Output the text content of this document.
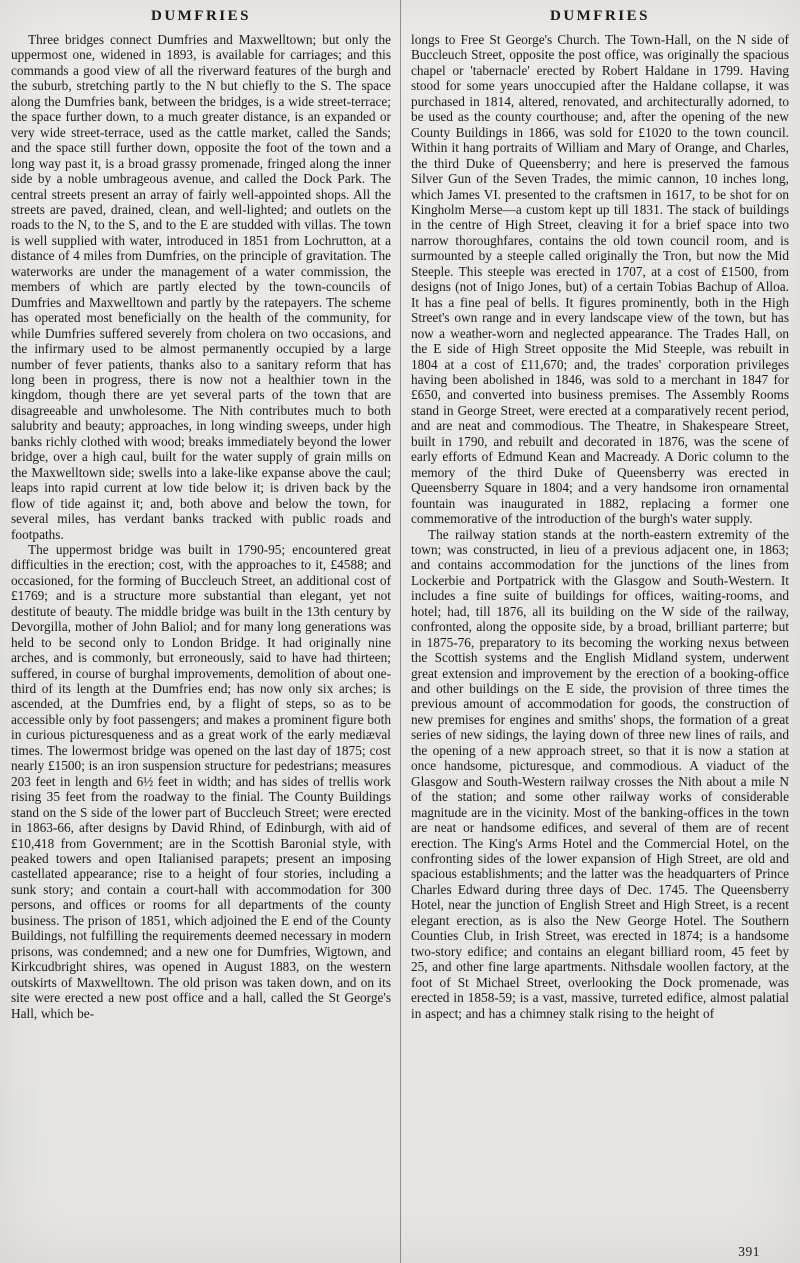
DUMFRIES

Three bridges connect Dumfries and Maxwelltown; but only the uppermost one, widened in 1893, is available for carriages; and this commands a good view of all the riverward features of the burgh and the suburb, stretching partly to the N but chiefly to the S. The space along the Dumfries bank, between the bridges, is a wide street-terrace; the space further down, to a much greater distance, is an expanded or very wide street-terrace, used as the cattle market, called the Sands; and the space still further down, opposite the foot of the town and a long way past it, is a broad grassy promenade, fringed along the inner side by a noble umbrageous avenue, and called the Dock Park. The central streets present an array of fairly well-appointed shops. All the streets are paved, drained, clean, and well-lighted; and outlets on the roads to the N, to the S, and to the E are studded with villas. The town is well supplied with water, introduced in 1851 from Lochrutton, at a distance of 4 miles from Dumfries, on the principle of gravitation. The waterworks are under the management of a water commission, the members of which are partly elected by the town-councils of Dumfries and Maxwelltown and partly by the ratepayers. The scheme has operated most beneficially on the health of the community, for while Dumfries suffered severely from cholera on two occasions, and the infirmary used to be almost permanently occupied by a large number of fever patients, thanks also to a sanitary reform that has long been in progress, there is now not a healthier town in the kingdom, though there are yet several parts of the town that are disagreeable and unwholesome. The Nith contributes much to both salubrity and beauty; approaches, in long winding sweeps, under high banks richly clothed with wood; breaks immediately beyond the lower bridge, over a high caul, built for the water supply of grain mills on the Maxwelltown side; swells into a lake-like expanse above the caul; leaps into rapid current at low tide below it; is driven back by the flow of tide against it; and, both above and below the town, for several miles, has verdant banks tracked with public roads and footpaths.

The uppermost bridge was built in 1790-95; encountered great difficulties in the erection; cost, with the approaches to it, £4588; and occasioned, for the forming of Buccleuch Street, an additional cost of £1769; and is a structure more substantial than elegant, yet not destitute of beauty. The middle bridge was built in the 13th century by Devorgilla, mother of John Baliol; and for many long generations was held to be second only to London Bridge. It had originally nine arches, and is commonly, but erroneously, said to have had thirteen; suffered, in course of burghal improvements, demolition of about one-third of its length at the Dumfries end; has now only six arches; is ascended, at the Dumfries end, by a flight of steps, so as to be accessible only by foot passengers; and makes a prominent figure both in curious picturesqueness and as a great work of the early mediæval times. The lowermost bridge was opened on the last day of 1875; cost nearly £1500; is an iron suspension structure for pedestrians; measures 203 feet in length and 6½ feet in width; and has sides of trellis work rising 35 feet from the roadway to the finial. The County Buildings stand on the S side of the lower part of Buccleuch Street; were erected in 1863-66, after designs by David Rhind, of Edinburgh, with aid of £10,418 from Government; are in the Scottish Baronial style, with peaked towers and open Italianised parapets; present an imposing castellated appearance; rise to a height of four stories, including a sunk story; and contain a court-hall with accommodation for 300 persons, and offices or rooms for all departments of the county business. The prison of 1851, which adjoined the E end of the County Buildings, not fulfilling the requirements deemed necessary in modern prisons, was condemned; and a new one for Dumfries, Wigtown, and Kirkcudbright shires, was opened in August 1883, on the western outskirts of Maxwelltown. The old prison was taken down, and on its site were erected a new post office and a hall, called the St George's Hall, which be-

DUMFRIES

longs to Free St George's Church. The Town-Hall, on the N side of Buccleuch Street, opposite the post office, was originally the spacious chapel or 'tabernacle' erected by Robert Haldane in 1799. Having stood for some years unoccupied after the Haldane collapse, it was purchased in 1814, altered, renovated, and architecturally adorned, to be used as the county courthouse; and, after the opening of the new County Buildings in 1866, was sold for £1020 to the town council. Within it hang portraits of William and Mary of Orange, and Charles, the third Duke of Queensberry; and here is preserved the famous Silver Gun of the Seven Trades, the mimic cannon, 10 inches long, which James VI. presented to the craftsmen in 1617, to be shot for on Kingholm Merse—a custom kept up till 1831. The stack of buildings in the centre of High Street, cleaving it for a brief space into two narrow thoroughfares, contains the old town council room, and is surmounted by a steeple called originally the Tron, but now the Mid Steeple. This steeple was erected in 1707, at a cost of £1500, from designs (not of Inigo Jones, but) of a certain Tobias Bachup of Alloa. It has a fine peal of bells. It figures prominently, both in the High Street's own range and in every landscape view of the town, but has now a weather-worn and neglected appearance. The Trades Hall, on the E side of High Street opposite the Mid Steeple, was rebuilt in 1804 at a cost of £11,670; and, the trades' corporation privileges having been abolished in 1846, was sold to a merchant in 1847 for £650, and converted into business premises. The Assembly Rooms stand in George Street, were erected at a comparatively recent period, and are neat and commodious. The Theatre, in Shakespeare Street, built in 1790, and rebuilt and decorated in 1876, was the scene of early efforts of Edmund Kean and Macready. A Doric column to the memory of the third Duke of Queensberry was erected in Queensberry Square in 1804; and a very handsome iron ornamental fountain was inaugurated in 1882, replacing a former one commemorative of the introduction of the burgh's water supply.

The railway station stands at the north-eastern extremity of the town; was constructed, in lieu of a previous adjacent one, in 1863; and contains accommodation for the junctions of the lines from Lockerbie and Portpatrick with the Glasgow and South-Western. It includes a fine suite of buildings for offices, waiting-rooms, and hotel; had, till 1876, all its building on the W side of the railway, confronted, along the opposite side, by a broad, brilliant parterre; but in 1875-76, preparatory to its becoming the working nexus between the Scottish systems and the English Midland system, underwent great extension and improvement by the erection of a booking-office and other buildings on the E side, the provision of three times the previous amount of accommodation for goods, the construction of new premises for engines and smiths' shops, the formation of a great series of new sidings, the laying down of three new lines of rails, and the opening of a new approach street, so that it is now a station at once handsome, picturesque, and commodious. A viaduct of the Glasgow and South-Western railway crosses the Nith about a mile N of the station; and some other railway works of considerable magnitude are in the vicinity. Most of the banking-offices in the town are neat or handsome edifices, and several of them are of recent erection. The King's Arms Hotel and the Commercial Hotel, on the confronting sides of the lower expansion of High Street, are old and spacious establishments; and the latter was the headquarters of Prince Charles Edward during three days of Dec. 1745. The Queensberry Hotel, near the junction of English Street and High Street, is a recent elegant erection, as is also the New George Hotel. The Southern Counties Club, in Irish Street, was erected in 1874; is a handsome two-story edifice; and contains an elegant billiard room, 45 feet by 25, and other fine large apartments. Nithsdale woollen factory, at the foot of St Michael Street, overlooking the Dock promenade, was erected in 1858-59; is a vast, massive, turreted edifice, almost palatial in aspect; and has a chimney stalk rising to the height of

391
